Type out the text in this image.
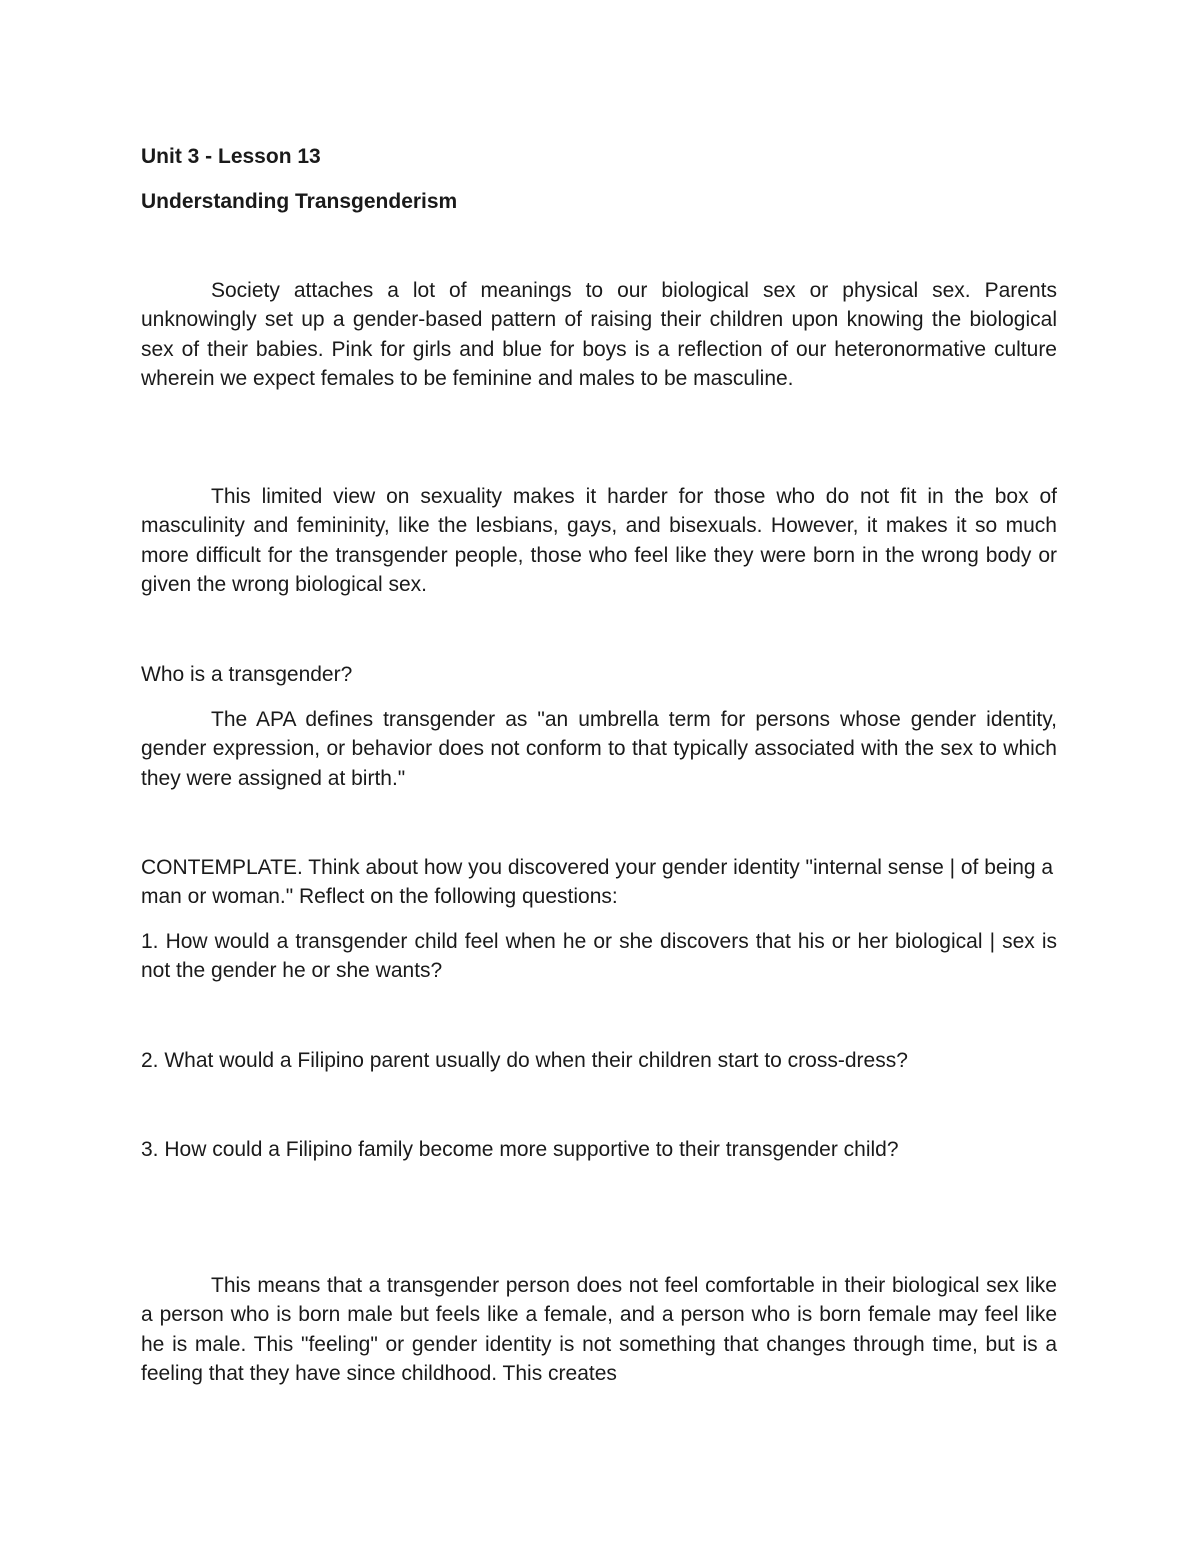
Unit 3 - Lesson 13
Understanding Transgenderism

Society attaches a lot of meanings to our biological sex or physical sex. Parents unknowingly set up a gender-based pattern of raising their children upon knowing the biological sex of their babies. Pink for girls and blue for boys is a reflection of our heteronormative culture wherein we expect females to be feminine and males to be masculine.

This limited view on sexuality makes it harder for those who do not fit in the box of masculinity and femininity, like the lesbians, gays, and bisexuals. However, it makes it so much more difficult for the transgender people, those who feel like they were born in the wrong body or given the wrong biological sex.

Who is a transgender?

The APA defines transgender as "an umbrella term for persons whose gender identity, gender expression, or behavior does not conform to that typically associated with the sex to which they were assigned at birth."

CONTEMPLATE. Think about how you discovered your gender identity "internal sense | of being a man or woman." Reflect on the following questions:

1. How would a transgender child feel when he or she discovers that his or her biological | sex is not the gender he or she wants?

2. What would a Filipino parent usually do when their children start to cross-dress?

3. How could a Filipino family become more supportive to their transgender child?

This means that a transgender person does not feel comfortable in their biological sex like a person who is born male but feels like a female, and a person who is born female may feel like he is male. This "feeling" or gender identity is not something that changes through time, but is a feeling that they have since childhood. This creates
